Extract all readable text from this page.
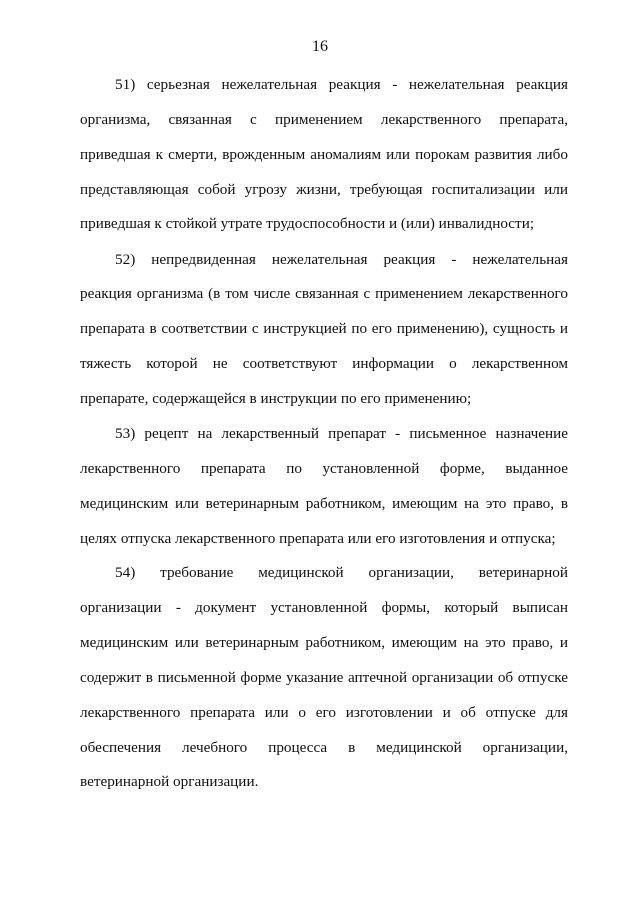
16
51) серьезная нежелательная реакция - нежелательная реакция
организма, связанная с применением лекарственного препарата,
приведшая к смерти, врожденным аномалиям или порокам развития либо
представляющая собой угрозу жизни, требующая госпитализации или
приведшая к стойкой утрате трудоспособности и (или) инвалидности;
52) непредвиденная нежелательная реакция - нежелательная
реакция организма (в том числе связанная с применением лекарственного
препарата в соответствии с инструкцией по его применению), сущность и
тяжесть которой не соответствуют информации о лекарственном
препарате, содержащейся в инструкции по его применению;
53) рецепт на лекарственный препарат - письменное назначение
лекарственного препарата по установленной форме, выданное
медицинским или ветеринарным работником, имеющим на это право, в
целях отпуска лекарственного препарата или его изготовления и отпуска;
54) требование медицинской организации, ветеринарной
организации - документ установленной формы, который выписан
медицинским или ветеринарным работником, имеющим на это право, и
содержит в письменной форме указание аптечной организации об отпуске
лекарственного препарата или о его изготовлении и об отпуске для
обеспечения лечебного процесса в медицинской организации,
ветеринарной организации.
